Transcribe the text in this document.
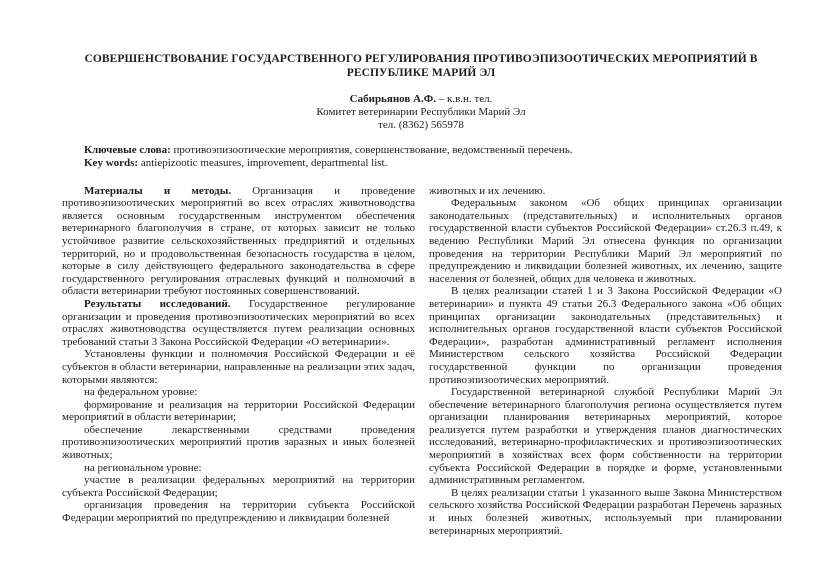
СОВЕРШЕНСТВОВАНИЕ ГОСУДАРСТВЕННОГО РЕГУЛИРОВАНИЯ ПРОТИВОЭПИЗООТИЧЕСКИХ МЕРОПРИЯТИЙ В РЕСПУБЛИКЕ МАРИЙ ЭЛ
Сабирьянов А.Ф. – к.в.н. тел.
Комитет ветеринарии Республики Марий Эл
тел. (8362) 565978

Ключевые слова: противоэпизоотические мероприятия, совершенствование, ведомственный перечень.

Key words: antiepizootic measures, improvement, departmental list.

Материалы и методы. Организация и проведение противоэпизоотических мероприятий во всех отраслях животноводства является основным государственным инструментом обеспечения ветеринарного благополучия в стране, от которых зависит не только устойчивое развитие сельскохозяйственных предприятий и отдельных территорий, но и продовольственная безопасность государства в целом, которые в силу действующего федерального законодательства в сфере государственного регулирования отраслевых функций и полномочий в области ветеринарии требуют постоянных совершенствований.

Результаты исследований. Государственное регулирование организации и проведения противоэпизоотических мероприятий во всех отраслях животноводства осуществляется путем реализации основных требований статьи 3 Закона Российской Федерации «О ветеринарии».

Установлены функции и полномочия Российской Федерации и её субъектов в области ветеринарии, направленные на реализации этих задач, которыми являются:

на федеральном уровне:

формирование и реализация на территории Российской Федерации мероприятий в области ветеринарии;

обеспечение лекарственными средствами проведения противоэпизоотических мероприятий против заразных и иных болезней животных;

на региональном уровне:

участие в реализации федеральных мероприятий на территории субъекта Российской Федерации;

организация проведения на территории субъекта Российской Федерации мероприятий по предупреждению и ликвидации болезней

животных и их лечению.

Федеральным законом «Об общих принципах организации законодательных (представительных) и исполнительных органов государственной власти субъектов Российской Федерации» ст.26.3 п.49, к ведению Республики Марий Эл отнесена функция по организации проведения на территории Республики Марий Эл мероприятий по предупреждению и ликвидации болезней животных, их лечению, защите населения от болезней, общих для человека и животных.

В целях реализации статей 1 и 3 Закона Российской Федерации «О ветеринарии» и пункта 49 статьи 26.3 Федерального закона «Об общих принципах организации законодательных (представительных) и исполнительных органов государственной власти субъектов Российской Федерации», разработан административный регламент исполнения Министерством сельского хозяйства Российской Федерации государственной функции по организации проведения противоэпизоотических мероприятий.

Государственной ветеринарной службой Республики Марий Эл обеспечение ветеринарного благополучия региона осуществляется путем организации планирования ветеринарных мероприятий, которое реализуется путем разработки и утверждения планов диагностических исследований, ветеринарно-профилактических и противоэпизоотических мероприятий в хозяйствах всех форм собственности на территории субъекта Российской Федерации в порядке и форме, установленными административным регламентом.

В целях реализации статьи 1 указанного выше Закона Министерством сельского хозяйства Российской Федерации разработан Перечень заразных и иных болезней животных, используемый при планировании ветеринарных мероприятий.
